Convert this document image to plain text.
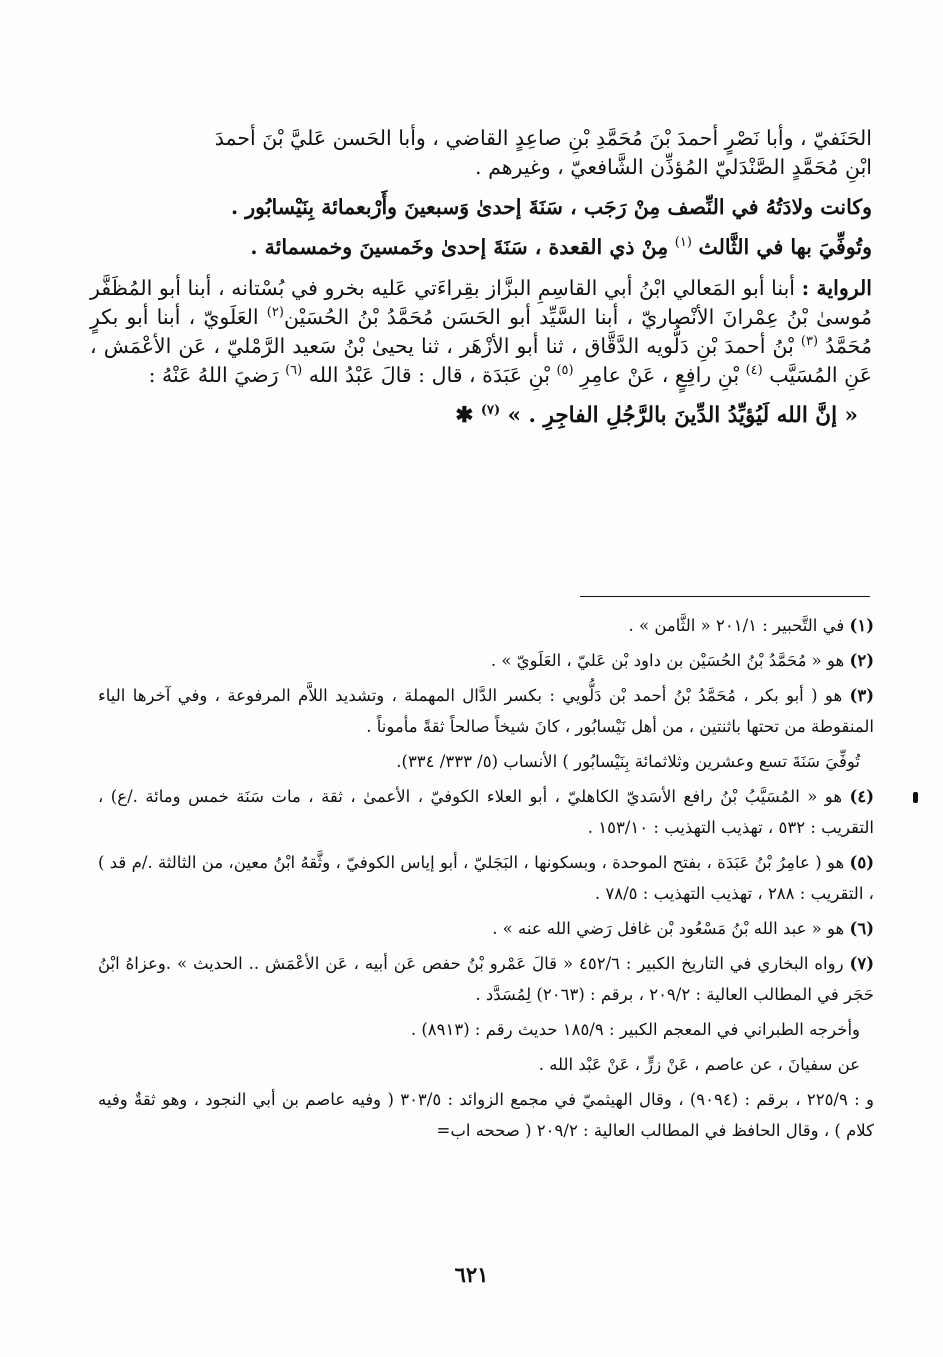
الحَنَفيّ ، وأبا نَصْرٍ أحمدَ بْنَ مُحَمَّدِ بْنِ صاعِدٍ القاضي ، وأبا الحَسن عَليَّ بْنَ أحمدَ

ابْنِ مُحَمَّدٍ الصَّنْدَليّ المُؤذِّن الشَّافعيّ ، وغيرهم .

وكانت ولادَتُهُ في النِّصف مِنْ رَجَب ، سَنَةَ إحدىٰ وَسبعينَ وأَرْبعمائة بِنَيْسابُور .

وتُوفِّيَ بها في الثَّالث $^{(١)}$ مِنْ ذي القعدة ، سَنَةَ إحدىٰ وخَمسينَ وخمسمائة .

الرواية : أبنا أبو المَعالي ابْنُ أبي القاسِمِ البزَّاز بقِراءَتي عَليه بخرو في بُسْتانه ، أبنا أبو المُظَفَّر مُوسىٰ بْنُ عِمْرانَ الأنْصاريّ ، أبنا السَّيِّد أبو الحَسَن مُحَمَّدُ بْنُ الحُسَيْن$^{(٢)}$ العَلَويّ ، أبنا أبو بكرٍ مُحَمَّدُ $^{(٣)}$ بْنُ أحمدَ بْنِ دَلُّويه الدَّقَّاق ، ثنا أبو الأزْهَر ، ثنا يحيىٰ بْنُ سَعيد الرَّمْليّ ، عَن الأعْمَش ، عَنِ المُسَيَّب $^{(٤)}$ بْنِ رافِعٍ ، عَنْ عامِرِ $^{(٥)}$ بْنِ عَبَدَة ، قال : قالَ عَبْدُ الله $^{(٦)}$ رَضيَ اللهُ عَنْهُ :

« إنَّ الله لَيُؤيِّدُ الدِّينَ بالرَّجُلِ الفاجِرِ . » $^{(٧)}$ ✱

(١) في التَّحبير : ٢٠١/١ « الثَّامن » .

(٢) هو « مُحَمَّدُ بْنُ الحُسَيْن بن داود بْن عَليّ ، العَلَويّ » .

(٣) هو ( أبو بكر ، مُحَمَّدُ بْنُ أحمد بْن دَلُّويي : بكسر الدَّال المهملة ، وتشديد اللاَّم المرفوعة ، وفي آخرها الياء المنقوطة من تحتها باثنتين ، من أهل نَيْسابُور ، كانَ شيخاً صالحاً ثقةً مأموناً .

تُوفِّيَ سَنَةَ تسع وعشرين وثلاثمائة بِنَيْسابُور ) الأنساب (٥/ ٣٣٣/ ٣٣٤).

(٤) هو « المُسَيَّبُ بْنُ رافع الأسَديّ الكاهليّ ، أبو العلاء الكوفيّ ، الأعمىٰ ، ثقة ، مات سَنَة خمس ومائة ./ع) ، التقريب : ٥٣٢ ، تهذيب التهذيب : ١٥٣/١٠ .

(٥) هو ( عامِرُ بْنُ عَبَدَة ، بفتح الموحدة ، وبسكونها ، البَجَليّ ، أبو إياس الكوفيّ ، وثَّقهُ ابْنُ معين، من الثالثة ./م قد ) ، التقريب : ٢٨٨ ، تهذيب التهذيب : ٧٨/٥ .

(٦) هو « عبد الله بْنُ مَسْعُود بْن غافل رَضي الله عنه » .

(٧) رواه البخاري في التاريخ الكبير : ٤٥٢/٦ « قالَ عَمْرو بْنُ حفص عَن أبيه ، عَن الأعْمَش .. الحديث » .وعزاهُ ابْنُ حَجَر في المطالب العالية : ٢٠٩/٢ ، برقم : (٢٠٦٣) لِمُسَدَّد .

وأخرجه الطبراني في المعجم الكبير : ١٨٥/٩ حديث رقم : (٨٩١٣) .

عن سفيانَ ، عن عاصم ، عَنْ زرٍّ ، عَنْ عَبْد الله .

و : ٢٢٥/٩ ، برقم : (٩٠٩٤) ، وقال الهيثميّ في مجمع الزوائد : ٣٠٣/٥ ( وفيه عاصم بن أبي النجود ، وهو ثقةٌ وفيه كلام ) ، وقال الحافظ في المطالب العالية : ٢٠٩/٢ ( صححه اب=

٦٢١
